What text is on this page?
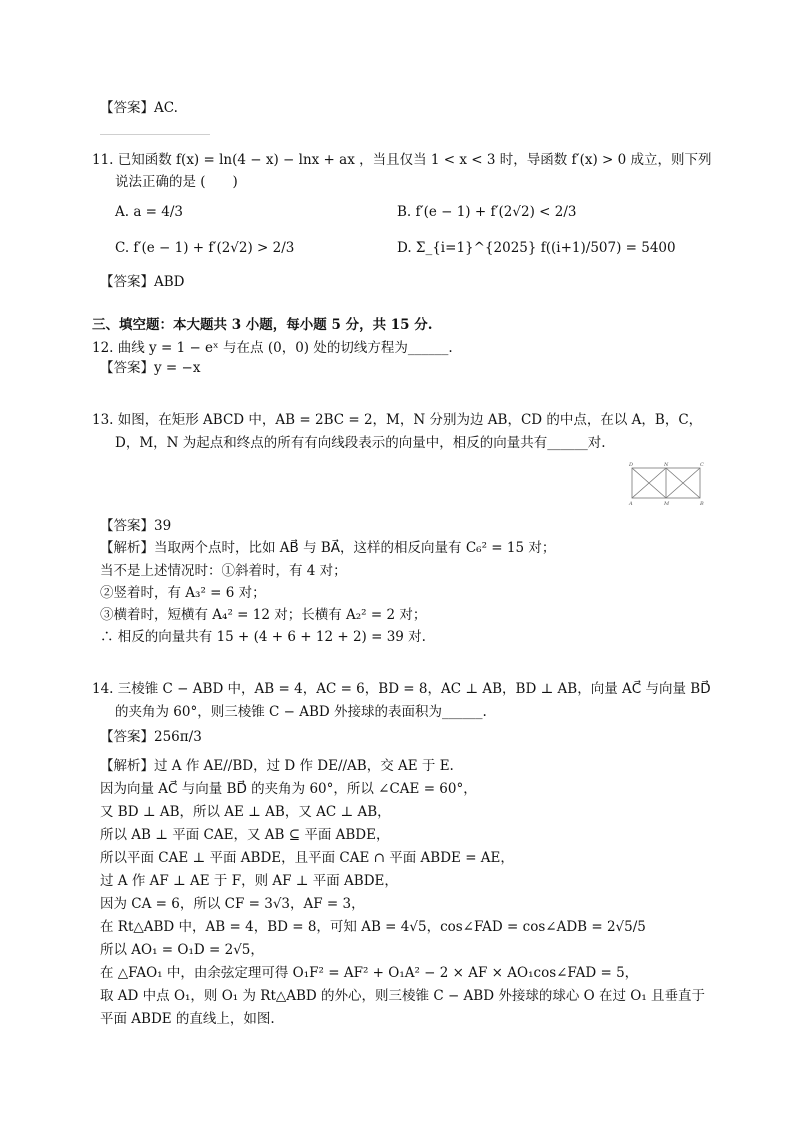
【答案】AC.
11. 已知函数 f(x) = ln(4 − x) − lnx + ax ，当且仅当 1 < x < 3 时，导函数 f′(x) > 0 成立，则下列
说法正确的是 (　　)
A. a = 4/3	B. f′(e − 1) + f′(2√2) < 2/3
C. f′(e − 1) + f′(2√2) > 2/3	D. Σ_{i=1}^{2025} f((i+1)/507) = 5400
【答案】ABD
三、填空题：本大题共 3 小题，每小题 5 分，共 15 分.
12. 曲线 y = 1 − eˣ 与在点 (0，0) 处的切线方程为______.
【答案】y = −x
13. 如图，在矩形 ABCD 中，AB = 2BC = 2，M，N 分别为边 AB，CD 的中点，在以 A，B，C，
D，M，N 为起点和终点的所有有向线段表示的向量中，相反的向量共有______对.
D	N	C
A	M	B
【答案】39
【解析】当取两个点时，比如 AB⃗ 与 BA⃗，这样的相反向量有 C₆² = 15 对；
当不是上述情况时：①斜着时，有 4 对；
②竖着时，有 A₃² = 6 对；
③横着时，短横有 A₄² = 12 对；长横有 A₂² = 2 对；
∴ 相反的向量共有 15 + (4 + 6 + 12 + 2) = 39 对.
14. 三棱锥 C − ABD 中，AB = 4，AC = 6，BD = 8，AC ⊥ AB，BD ⊥ AB，向量 AC⃗ 与向量 BD⃗
的夹角为 60°，则三棱锥 C − ABD 外接球的表面积为______.
【答案】256π/3
【解析】过 A 作 AE//BD，过 D 作 DE//AB，交 AE 于 E.
因为向量 AC⃗ 与向量 BD⃗ 的夹角为 60°，所以 ∠CAE = 60°，
又 BD ⊥ AB，所以 AE ⊥ AB，又 AC ⊥ AB，
所以 AB ⊥ 平面 CAE，又 AB ⊆ 平面 ABDE，
所以平面 CAE ⊥ 平面 ABDE，且平面 CAE ∩ 平面 ABDE = AE，
过 A 作 AF ⊥ AE 于 F，则 AF ⊥ 平面 ABDE，
因为 CA = 6，所以 CF = 3√3，AF = 3，
在 Rt△ABD 中，AB = 4，BD = 8，可知 AB = 4√5，cos∠FAD = cos∠ADB = 2√5/5
所以 AO₁ = O₁D = 2√5，
在 △FAO₁ 中，由余弦定理可得 O₁F² = AF² + O₁A² − 2 × AF × AO₁cos∠FAD = 5，
取 AD 中点 O₁，则 O₁ 为 Rt△ABD 的外心，则三棱锥 C − ABD 外接球的球心 O 在过 O₁ 且垂直于
平面 ABDE 的直线上，如图.
